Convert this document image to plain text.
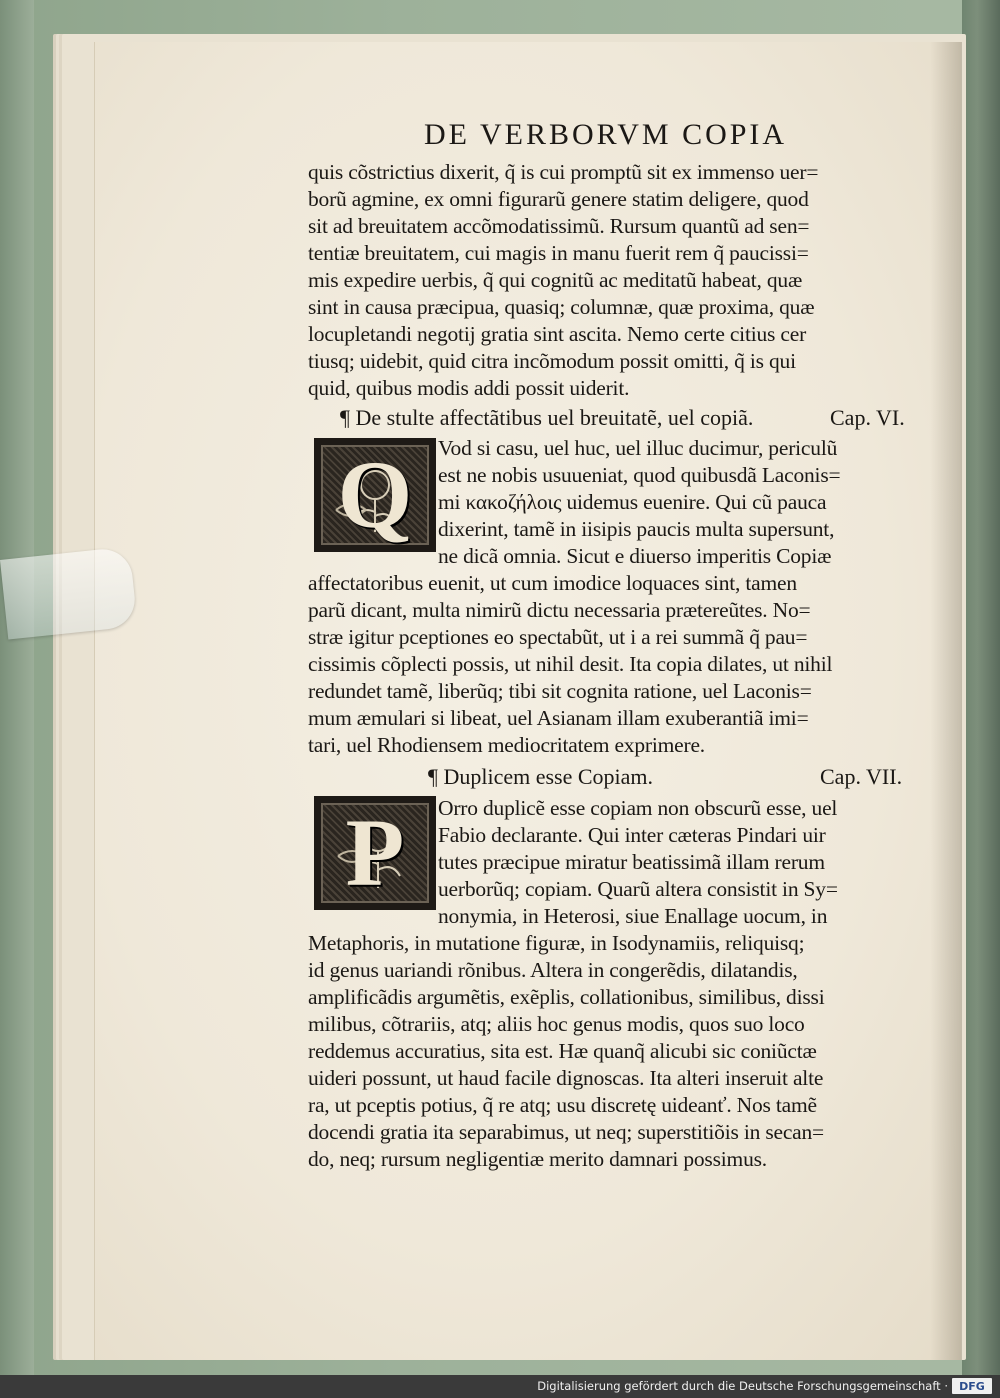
DE VERBORVM COPIA
quis cõstrictius dixerit, q̃ is cui promptũ sit ex immenso uer=
borũ agmine, ex omni figurarũ genere statim deligere, quod
sit ad breuitatem accõmodatissimũ. Rursum quantũ ad sen=
tentiæ breuitatem, cui magis in manu fuerit rem q̃ paucissi=
mis expedire uerbis, q̃ qui cognitũ ac meditatũ habeat, quæ
sint in causa præcipua, quasiq; columnæ, quæ proxima, quæ
locupletandi negotij gratia sint ascita. Nemo certe citius cer
tiusq; uidebit, quid citra incõmodum possit omitti, q̃ is qui
quid, quibus modis addi possit uiderit.
¶ De stulte affectãtibus uel breuitatẽ, uel copiã.	Cap. VI.
Q Vod si casu, uel huc, uel illuc ducimur, periculũ
est ne nobis usuueniat, quod quibusdã Laconis=
mi κακοζήλοις uidemus euenire. Qui cũ pauca
dixerint, tamẽ in iisipis paucis multa supersunt,
ne dicã omnia. Sicut e diuerso imperitis Copiæ
affectatoribus euenit, ut cum imodice loquaces sint, tamen
parũ dicant, multa nimirũ dictu necessaria prætereũtes. No=
stræ igitur pceptiones eo spectabũt, ut i a rei summã q̃ pau=
cissimis cõplecti possis, ut nihil desit. Ita copia dilates, ut nihil
redundet tamẽ, liberũq; tibi sit cognita ratione, uel Laconis=
mum æmulari si libeat, uel Asianam illam exuberantiã imi=
tari, uel Rhodiensem mediocritatem exprimere.
¶ Duplicem esse Copiam.	Cap. VII.
P Orro duplicẽ esse copiam non obscurũ esse, uel
Fabio declarante. Qui inter cæteras Pindari uir
tutes præcipue miratur beatissimã illam rerum
uerborũq; copiam. Quarũ altera consistit in Sy=
nonymia, in Heterosi, siue Enallage uocum, in
Metaphoris, in mutatione figuræ, in Isodynamiis, reliquisq;
id genus uariandi rõnibus. Altera in congerẽdis, dilatandis,
amplificãdis argumẽtis, exẽplis, collationibus, similibus, dissi
milibus, cõtrariis, atq; aliis hoc genus modis, quos suo loco
reddemus accuratius, sita est. Hæ quanq̃ alicubi sic coniũctæ
uideri possunt, ut haud facile dignoscas. Ita alteri inseruit alte
ra, ut pceptis potius, q̃ re atq; usu discretę uideanť. Nos tamẽ
docendi gratia ita separabimus, ut neq; superstitiõis in secan=
do, neq; rursum negligentiæ merito damnari possimus.
Digitalisierung gefördert durch die Deutsche Forschungsgemeinschaft ·	DFG
